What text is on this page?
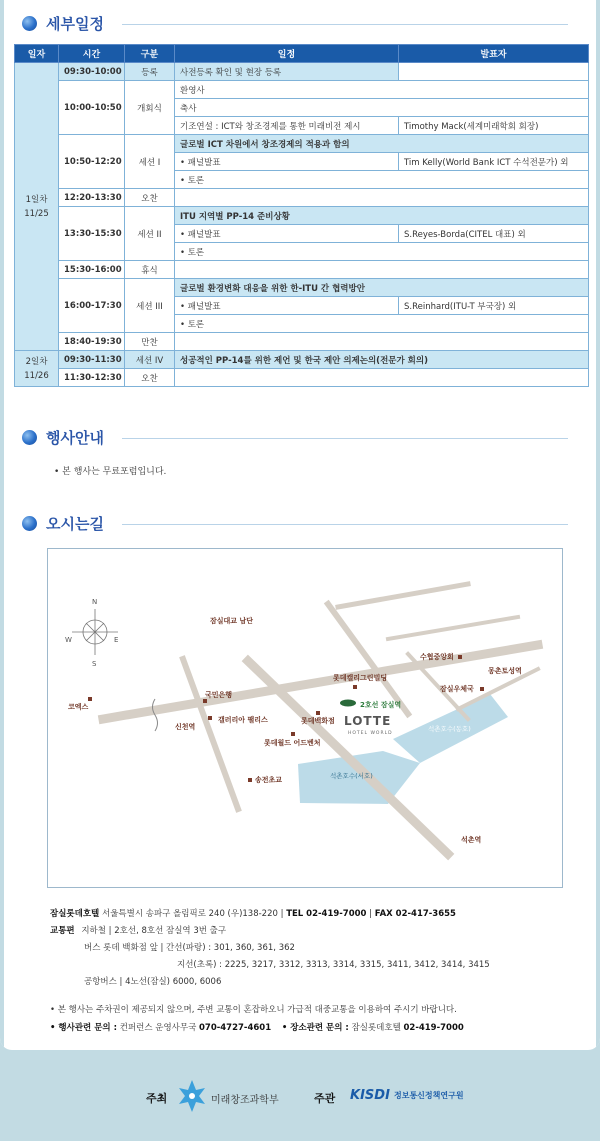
세부일정
일자	시간	구분	일정	발표자

1일차
11/25	09:30-10:00	등록	사전등록 확인 및 현장 등록	
	10:00-10:50	개회식	환영사	
			축사	
			기조연설 : ICT와 창조경제를 통한 미래비전 제시	Timothy Mack(세계미래학회 회장)
	10:50-12:20	세션 I	글로벌 ICT 차원에서 창조경제의 적용과 함의	
			• 패널발표	Tim Kelly(World Bank ICT 수석전문가) 외
			• 토론	
	12:20-13:30	오찬		
	13:30-15:30	세션 II	ITU 지역별 PP-14 준비상황	
			• 패널발표	S.Reyes-Borda(CITEL 대표) 외
			• 토론	
	15:30-16:00	휴식		
	16:00-17:30	세션 III	글로벌 환경변화 대응을 위한 한-ITU 간 협력방안	
			• 패널발표	S.Reinhard(ITU-T 부국장) 외
			• 토론	
	18:40-19:30	만찬		

2일차
11/26	09:30-11:30	세션 IV	성공적인 PP-14를 위한 제언 및 한국 제안 의제논의(전문가 회의)	
	11:30-12:30	오찬		
행사안내
• 본 행사는 무료포럼입니다.
오시는길
N
S
E
W
잠실대교 남단
수협중앙회
롯데캘리그린빌딩
몽촌토성역
잠실우체국
코엑스
국민은행
갤러리아 팰리스	롯데백화점
롯데월드 어드벤처
송전초교
석촌역
신천역
2호선 잠실역
석촌호수(동호)
석촌호수(서호)
LOTTE
HOTEL WORLD
잠실롯데호텔 서울특별시 송파구 올림픽로 240 (우)138-220 | TEL 02-419-7000 | FAX 02-417-3655
교통편 지하철 | 2호선, 8호선 잠실역 3번 출구
버스 롯데 백화점 앞 | 간선(파랑) : 301, 360, 361, 362
지선(초록) : 2225, 3217, 3312, 3313, 3314, 3315, 3411, 3412, 3414, 3415
공항버스 | 4노선(잠실) 6000, 6006
• 본 행사는 주차권이 제공되지 않으며, 주변 교통이 혼잡하오니 가급적 대중교통을 이용하여 주시기 바랍니다.
• 행사관련 문의 : 컨퍼런스 운영사무국 070-4727-4601 • 장소관련 문의 : 잠실롯데호텔 02-419-7000
주최	미래창조과학부	주관 KISDI 정보통신정책연구원
